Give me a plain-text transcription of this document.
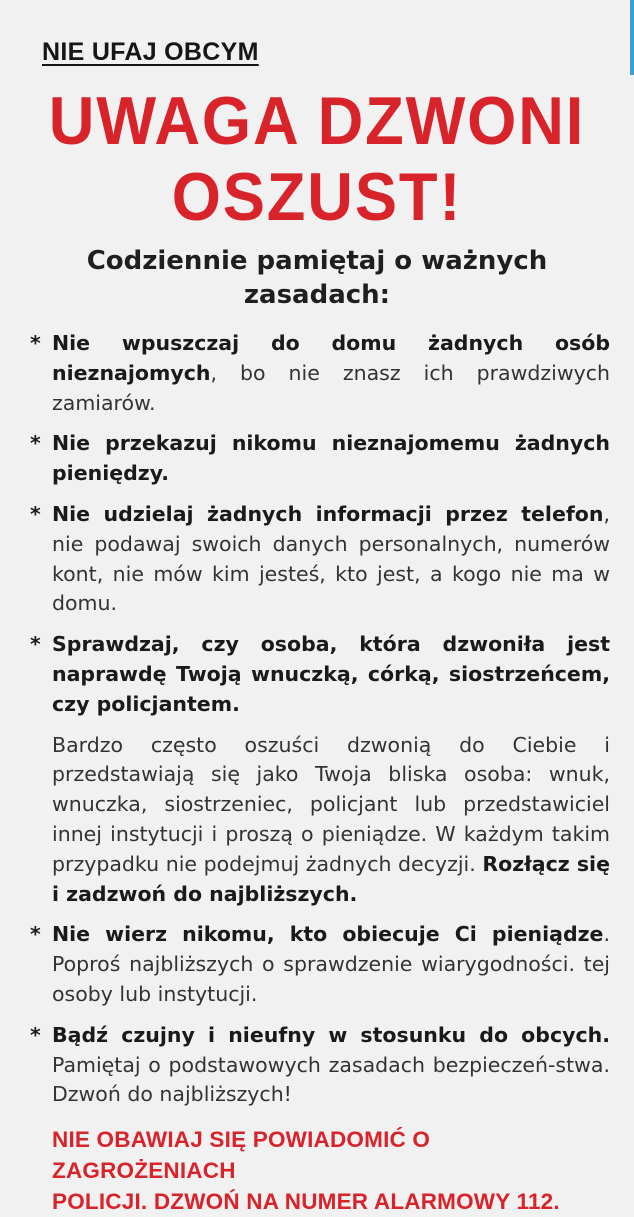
NIE UFAJ OBCYM
UWAGA DZWONI
OSZUST!
Codziennie pamiętaj o ważnych zasadach:
* Nie wpuszczaj do domu żadnych osób nieznajomych, bo nie znasz ich prawdziwych zamiarów.
* Nie przekazuj nikomu nieznajomemu żadnych pieniędzy.
* Nie udzielaj żadnych informacji przez telefon, nie podawaj swoich danych personalnych, numerów kont, nie mów kim jesteś, kto jest, a kogo nie ma w domu.
* Sprawdzaj, czy osoba, która dzwoniła jest naprawdę Twoją wnuczką, córką, siostrzeńcem, czy policjantem.
Bardzo często oszuści dzwonią do Ciebie i przedstawiają się jako Twoja bliska osoba: wnuk, wnuczka, siostrzeniec, policjant lub przedstawiciel innej instytucji i proszą o pieniądze. W każdym takim przypadku nie podejmuj żadnych decyzji. Rozłącz się i zadzwoń do najbliższych.
* Nie wierz nikomu, kto obiecuje Ci pieniądze. Poproś najbliższych o sprawdzenie wiarygodności. tej osoby lub instytucji.
* Bądź czujny i nieufny w stosunku do obcych. Pamiętaj o podstawowych zasadach bezpieczeń-stwa. Dzwoń do najbliższych!
NIE OBAWIAJ SIĘ POWIADOMIĆ O ZAGROŻENIACH
POLICJI. DZWOŃ NA NUMER ALARMOWY 112.
